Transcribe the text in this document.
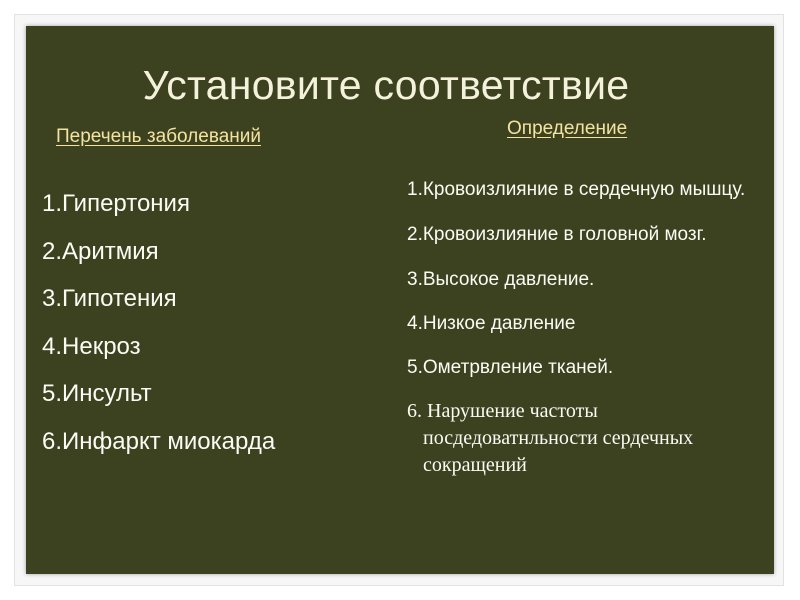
Установите соответствие
Перечень заболеваний	Определение
1.Гипертония
2.Аритмия
3.Гипотения
4.Некроз
5.Инсульт
6.Инфаркт миокарда
1.Кровоизлияние в сердечную мышцу.
2.Кровоизлияние в головной мозг.
3.Высокое давление.
4.Низкое давление
5.Ометрвление тканей.
6. Нарушение частоты посдедоватнльности сердечных сокращений
